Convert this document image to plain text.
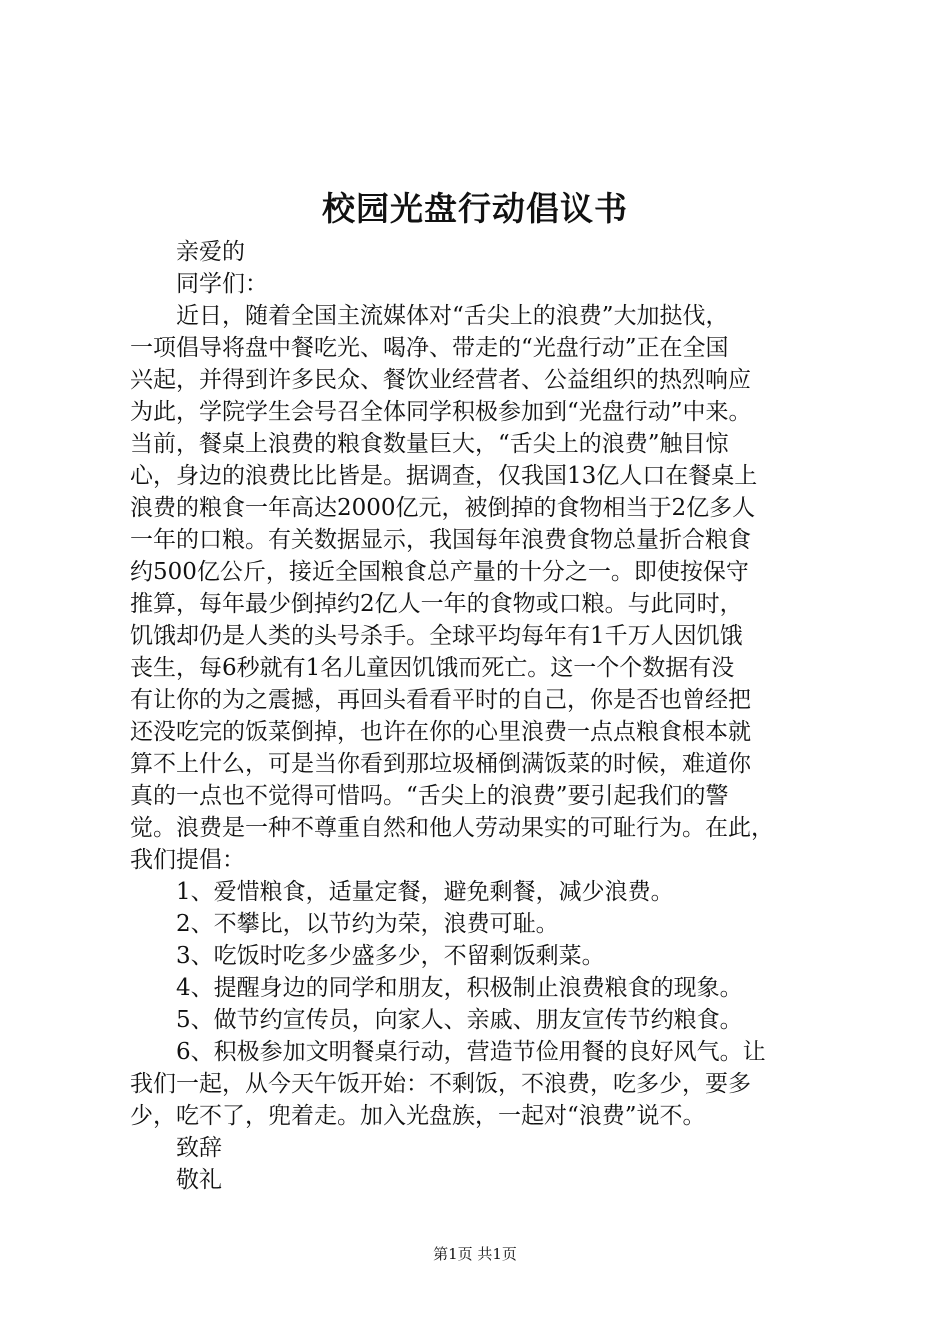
校园光盘行动倡议书
亲爱的
同学们：
近日，随着全国主流媒体对“舌尖上的浪费”大加挞伐，
一项倡导将盘中餐吃光、喝净、带走的“光盘行动”正在全国
兴起，并得到许多民众、餐饮业经营者、公益组织的热烈响应
为此，学院学生会号召全体同学积极参加到“光盘行动”中来。
当前，餐桌上浪费的粮食数量巨大，“舌尖上的浪费”触目惊
心，身边的浪费比比皆是。据调查，仅我国13亿人口在餐桌上
浪费的粮食一年高达2000亿元，被倒掉的食物相当于2亿多人
一年的口粮。有关数据显示，我国每年浪费食物总量折合粮食
约500亿公斤，接近全国粮食总产量的十分之一。即使按保守
推算，每年最少倒掉约2亿人一年的食物或口粮。与此同时，
饥饿却仍是人类的头号杀手。全球平均每年有1千万人因饥饿
丧生，每6秒就有1名儿童因饥饿而死亡。这一个个数据有没
有让你的为之震撼，再回头看看平时的自己，你是否也曾经把
还没吃完的饭菜倒掉，也许在你的心里浪费一点点粮食根本就
算不上什么，可是当你看到那垃圾桶倒满饭菜的时候，难道你
真的一点也不觉得可惜吗。“舌尖上的浪费”要引起我们的警
觉。浪费是一种不尊重自然和他人劳动果实的可耻行为。在此，
我们提倡：
1、爱惜粮食，适量定餐，避免剩餐，减少浪费。
2、不攀比，以节约为荣，浪费可耻。
3、吃饭时吃多少盛多少，不留剩饭剩菜。
4、提醒身边的同学和朋友，积极制止浪费粮食的现象。
5、做节约宣传员，向家人、亲戚、朋友宣传节约粮食。
6、积极参加文明餐桌行动，营造节俭用餐的良好风气。让
我们一起，从今天午饭开始：不剩饭，不浪费，吃多少，要多
少，吃不了，兜着走。加入光盘族，一起对“浪费”说不。
致辞
敬礼
第1页 共1页
